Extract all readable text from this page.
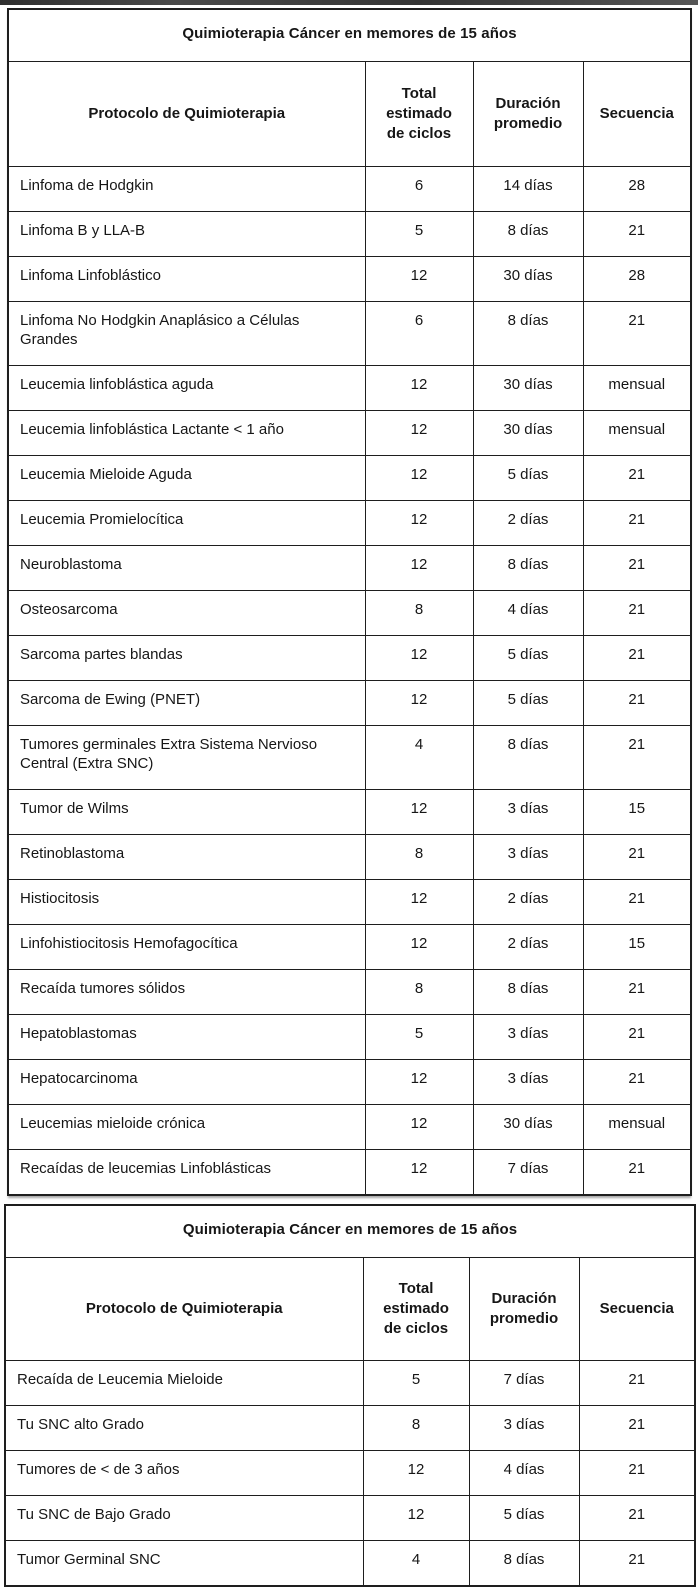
Quimioterapia Cáncer en memores de 15 años			
Protocolo de Quimioterapia	Total estimado de ciclos	Duración promedio	Secuencia
Linfoma de Hodgkin	6	14 días	28
Linfoma B y LLA-B	5	8 días	21
Linfoma Linfoblástico	12	30 días	28
Linfoma No Hodgkin Anaplásico a Células Grandes	6	8 días	21
Leucemia linfoblástica aguda	12	30 días	mensual
Leucemia linfoblástica Lactante < 1 año	12	30 días	mensual
Leucemia Mieloide Aguda	12	5 días	21
Leucemia Promielocítica	12	2 días	21
Neuroblastoma	12	8 días	21
Osteosarcoma	8	4 días	21
Sarcoma partes blandas	12	5 días	21
Sarcoma de Ewing (PNET)	12	5 días	21
Tumores germinales Extra Sistema Nervioso Central (Extra SNC)	4	8 días	21
Tumor de Wilms	12	3 días	15
Retinoblastoma	8	3 días	21
Histiocitosis	12	2 días	21
Linfohistiocitosis Hemofagocítica	12	2 días	15
Recaída tumores sólidos	8	8 días	21
Hepatoblastomas	5	3 días	21
Hepatocarcinoma	12	3 días	21
Leucemias mieloide crónica	12	30 días	mensual
Recaídas de leucemias Linfoblásticas	12	7 días	21
Quimioterapia Cáncer en memores de 15 años			
Protocolo de Quimioterapia	Total estimado de ciclos	Duración promedio	Secuencia
Recaída de Leucemia Mieloide	5	7 días	21
Tu SNC alto Grado	8	3 días	21
Tumores de < de 3 años	12	4 días	21
Tu SNC de Bajo Grado	12	5 días	21
Tumor Germinal SNC	4	8 días	21
